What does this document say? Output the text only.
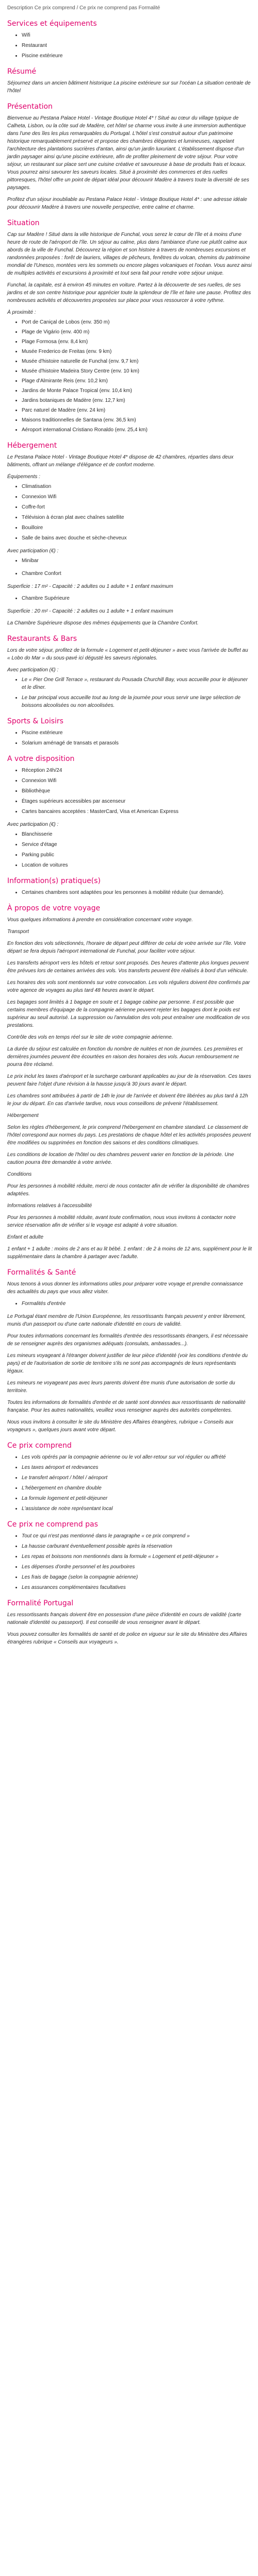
Description Ce prix comprend / Ce prix ne comprend pas Formalité
Services et équipements
• Wifi
• Restaurant
• Piscine extérieure
Résumé

Séjournez dans un ancien bâtiment historique La piscine extérieure sur sur l'océan La situation centrale de l'hôtel

Présentation

Bienvenue au Pestana Palace Hotel - Vintage Boutique Hotel 4* ! Situé au cœur du village typique de Calheta, Lisbon, ou la côte sud de Madère, cet hôtel se charme vous invite à une immersion authentique dans l'une des îles les plus remarquables du Portugal. L'hôtel s'est construit autour d'un patrimoine historique remarquablement préservé et propose des chambres élégantes et lumineuses, rappelant l'architecture des plantations sucrières d'antan, ainsi qu'un jardin luxuriant. L'établissement dispose d'un jardin paysager ainsi qu'une piscine extérieure, afin de profiter pleinement de votre séjour. Pour votre séjour, un restaurant sur place sert une cuisine créative et savoureuse à base de produits frais et locaux. Vous pourrez ainsi savourer les saveurs locales. Situé à proximité des commerces et des ruelles pittoresques, l'hôtel offre un point de départ idéal pour découvrir Madère à travers toute la diversité de ses paysages.

Profitez d'un séjour inoubliable au Pestana Palace Hotel - Vintage Boutique Hotel 4* : une adresse idéale pour découvrir Madère à travers une nouvelle perspective, entre calme et charme.

Situation

Cap sur Madère ! Situé dans la ville historique de Funchal, vous serez le cœur de l'île et à moins d'une heure de route de l'aéroport de l'île. Un séjour au calme, plus dans l'ambiance d'une rue plutôt calme aux abords de la ville de Funchal. Découvrez la région et son histoire à travers de nombreuses excursions et randonnées proposées : forêt de lauriers, villages de pêcheurs, fenêtres du volcan, chemins du patrimoine mondial de l'Unesco, montées vers les sommets ou encore plages volcaniques et l'océan. Vous aurez ainsi de multiples activités et excursions à proximité et tout sera fait pour rendre votre séjour unique.

Funchal, la capitale, est à environ 45 minutes en voiture. Partez à la découverte de ses ruelles, de ses jardins et de son centre historique pour apprécier toute la splendeur de l'île et faire une pause. Profitez des nombreuses activités et découvertes proposées sur place pour vous ressourcer à votre rythme.

À proximité :

• Port de Caniçal de Lobos (env. 350 m)
• Plage de Vigário (env. 400 m)
• Plage Formosa (env. 8,4 km)
• Musée Frederico de Freitas (env. 9 km)
• Musée d'histoire naturelle de Funchal (env. 9,7 km)
• Musée d'histoire Madeira Story Centre (env. 10 km)
• Plage d'Almirante Reis (env. 10,2 km)
• Jardins de Monte Palace Tropical (env. 10,4 km)
• Jardins botaniques de Madère (env. 12,7 km)
• Parc naturel de Madère (env. 24 km)
• Maisons traditionnelles de Santana (env. 36,5 km)
• Aéroport international Cristiano Ronaldo (env. 25,4 km)
Hébergement

Le Pestana Palace Hotel - Vintage Boutique Hotel 4* dispose de 42 chambres, réparties dans deux bâtiments, offrant un mélange d'élégance et de confort moderne.

Équipements :

• Climatisation
• Connexion Wifi
• Coffre-fort
• Télévision à écran plat avec chaînes satellite
• Bouilloire
• Salle de bains avec douche et sèche-cheveux

Avec participation (€) :

• Minibar
• Chambre Confort

Superficie : 17 m² - Capacité : 2 adultes ou 1 adulte + 1 enfant maximum

• Chambre Supérieure

Superficie : 20 m² - Capacité : 2 adultes ou 1 adulte + 1 enfant maximum

La Chambre Supérieure dispose des mêmes équipements que la Chambre Confort.

Restaurants & Bars

Lors de votre séjour, profitez de la formule « Logement et petit-déjeuner » avec vous l'arrivée de buffet au « Lobo do Mar » du sous-pavé ici dégusté les saveurs régionales.

Avec participation (€) :

• Le « Pier One Grill Terrace », restaurant du Pousada Churchill Bay, vous accueille pour le déjeuner et le dîner.
• Le bar principal vous accueille tout au long de la journée pour vous servir une large sélection de boissons alcoolisées ou non alcoolisées.
Sports & Loisirs
• Piscine extérieure
• Solarium aménagé de transats et parasols
A votre disposition
• Réception 24h/24
• Connexion Wifi
• Bibliothèque
• Étages supérieurs accessibles par ascenseur
• Cartes bancaires acceptées : MasterCard, Visa et American Express

Avec participation (€) :

• Blanchisserie
• Service d'étage
• Parking public
• Location de voitures
Information(s) pratique(s)
• Certaines chambres sont adaptées pour les personnes à mobilité réduite (sur demande).
À propos de votre voyage

Vous quelques informations à prendre en considération concernant votre voyage.

Transport

En fonction des vols sélectionnés, l'horaire de départ peut différer de celui de votre arrivée sur l'île. Votre départ se fera depuis l'aéroport international de Funchal, pour faciliter votre séjour.

Les transferts aéroport vers les hôtels et retour sont proposés. Des heures d'attente plus longues peuvent être prévues lors de certaines arrivées des vols. Vos transferts peuvent être réalisés à bord d'un véhicule.

Les horaires des vols sont mentionnés sur votre convocation. Les vols réguliers doivent être confirmés par votre agence de voyages au plus tard 48 heures avant le départ.

Les bagages sont limités à 1 bagage en soute et 1 bagage cabine par personne. Il est possible que certains membres d'équipage de la compagnie aérienne peuvent rejeter les bagages dont le poids est supérieur au seuil autorisé. La suppression ou l'annulation des vols peut entraîner une modification de vos prestations.

Contrôle des vols en temps réel sur le site de votre compagnie aérienne.

La durée du séjour est calculée en fonction du nombre de nuitées et non de journées. Les premières et dernières journées peuvent être écourtées en raison des horaires des vols. Aucun remboursement ne pourra être réclamé.

Le prix inclut les taxes d'aéroport et la surcharge carburant applicables au jour de la réservation. Ces taxes peuvent faire l'objet d'une révision à la hausse jusqu'à 30 jours avant le départ.

Les chambres sont attribuées à partir de 14h le jour de l'arrivée et doivent être libérées au plus tard à 12h le jour du départ. En cas d'arrivée tardive, nous vous conseillons de prévenir l'établissement.

Hébergement

Selon les règles d'hébergement, le prix comprend l'hébergement en chambre standard. Le classement de l'hôtel correspond aux normes du pays. Les prestations de chaque hôtel et les activités proposées peuvent être modifiées ou supprimées en fonction des saisons et des conditions climatiques.

Les conditions de location de l'hôtel ou des chambres peuvent varier en fonction de la période. Une caution pourra être demandée à votre arrivée.

Conditions

Pour les personnes à mobilité réduite, merci de nous contacter afin de vérifier la disponibilité de chambres adaptées.

Informations relatives à l'accessibilité

Pour les personnes à mobilité réduite, avant toute confirmation, nous vous invitons à contacter notre service réservation afin de vérifier si le voyage est adapté à votre situation.

Enfant et adulte

1 enfant + 1 adulte : moins de 2 ans et au lit bébé. 1 enfant : de 2 à moins de 12 ans, supplément pour le lit supplémentaire dans la chambre à partager avec l'adulte.

Formalités & Santé

Nous tenons à vous donner les informations utiles pour préparer votre voyage et prendre connaissance des actualités du pays que vous allez visiter.

• Formalités d'entrée

Le Portugal étant membre de l'Union Européenne, les ressortissants français peuvent y entrer librement, munis d'un passeport ou d'une carte nationale d'identité en cours de validité.

Pour toutes informations concernant les formalités d'entrée des ressortissants étrangers, il est nécessaire de se renseigner auprès des organismes adéquats (consulats, ambassades...).

Les mineurs voyageant à l'étranger doivent justifier de leur pièce d'identité (voir les conditions d'entrée du pays) et de l'autorisation de sortie de territoire s'ils ne sont pas accompagnés de leurs représentants légaux.

Les mineurs ne voyageant pas avec leurs parents doivent être munis d'une autorisation de sortie du territoire.

Toutes les informations de formalités d'entrée et de santé sont données aux ressortissants de nationalité française. Pour les autres nationalités, veuillez vous renseigner auprès des autorités compétentes.

Nous vous invitons à consulter le site du Ministère des Affaires étrangères, rubrique « Conseils aux voyageurs », quelques jours avant votre départ.

Ce prix comprend
• Les vols opérés par la compagnie aérienne ou le vol aller-retour sur vol régulier ou affrété
• Les taxes aéroport et redevances
• Le transfert aéroport / hôtel / aéroport
• L'hébergement en chambre double
• La formule logement et petit-déjeuner
• L'assistance de notre représentant local
Ce prix ne comprend pas
• Tout ce qui n'est pas mentionné dans le paragraphe « ce prix comprend »
• La hausse carburant éventuellement possible après la réservation
• Les repas et boissons non mentionnés dans la formule « Logement et petit-déjeuner »
• Les dépenses d'ordre personnel et les pourboires
• Les frais de bagage (selon la compagnie aérienne)
• Les assurances complémentaires facultatives
Formalité Portugal

Les ressortissants français doivent être en possession d'une pièce d'identité en cours de validité (carte nationale d'identité ou passeport). Il est conseillé de vous renseigner avant le départ.

Vous pouvez consulter les formalités de santé et de police en vigueur sur le site du Ministère des Affaires étrangères rubrique « Conseils aux voyageurs ».
